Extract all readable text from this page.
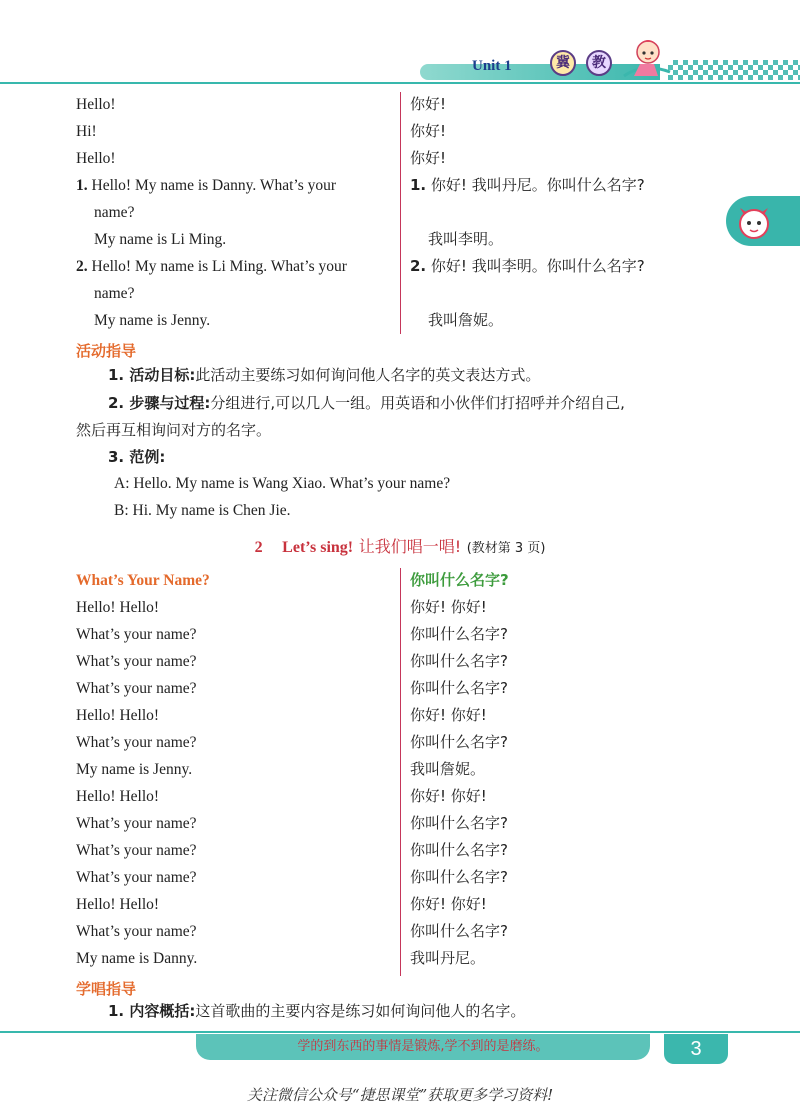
Unit 1	冀	教
Hello!	你好!
Hi!	你好!
Hello!	你好!
1. Hello! My name is Danny. What’s your	1. 你好! 我叫丹尼。你叫什么名字?
name?
My name is Li Ming.	我叫李明。
2. Hello! My name is Li Ming. What’s your	2. 你好! 我叫李明。你叫什么名字?
name?
My name is Jenny.	我叫詹妮。
活动指导
1. 活动目标:此活动主要练习如何询问他人名字的英文表达方式。
2. 步骤与过程:分组进行,可以几人一组。用英语和小伙伴们打招呼并介绍自己,
然后再互相询问对方的名字。
3. 范例:
A: Hello. My name is Wang Xiao. What’s your name?
B: Hi. My name is Chen Jie.
2 Let’s sing! 让我们唱一唱! (教材第 3 页)
What’s Your Name?	你叫什么名字?
Hello! Hello!	你好! 你好!
What’s your name?	你叫什么名字?
What’s your name?	你叫什么名字?
What’s your name?	你叫什么名字?
Hello! Hello!	你好! 你好!
What’s your name?	你叫什么名字?
My name is Jenny.	我叫詹妮。
Hello! Hello!	你好! 你好!
What’s your name?	你叫什么名字?
What’s your name?	你叫什么名字?
What’s your name?	你叫什么名字?
Hello! Hello!	你好! 你好!
What’s your name?	你叫什么名字?
My name is Danny.	我叫丹尼。
学唱指导
1. 内容概括:这首歌曲的主要内容是练习如何询问他人的名字。
学的到东西的事情是锻炼,学不到的是磨练。	3
关注微信公众号“捷思课堂”获取更多学习资料!
